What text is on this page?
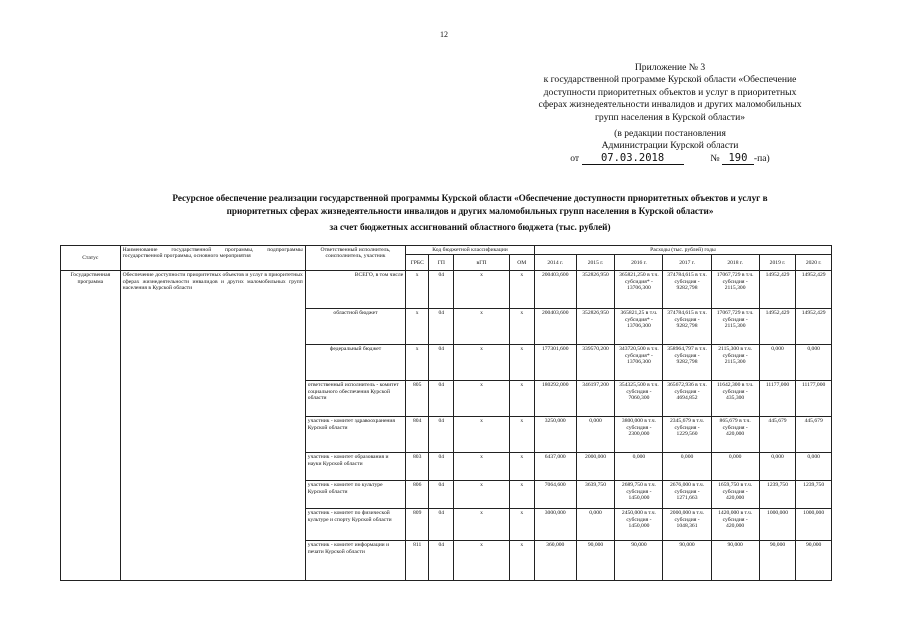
12
Приложение № 3
к государственной программе Курской области «Обеспечение
доступности приоритетных объектов и услуг в приоритетных
сферах жизнедеятельности инвалидов и других маломобильных
групп населения в Курской области»
(в редакции постановления
Администрации Курской области
от 07.03.2018	№ 190 -па)
Ресурсное обеспечение реализации государственной программы Курской области «Обеспечение доступности приоритетных объектов и услуг в
приоритетных сферах жизнедеятельности инвалидов и других маломобильных групп населения в Курской области»
за счет бюджетных ассигнований областного бюджета (тыс. рублей)
Статус	Наименование государственной программы, подпрограммы государственной программы, основного мероприятия	Ответственный исполнитель, соисполнитель, участник	Код бюджетной классификации				Расходы (тыс. рублей) годы						
			ГРБС	ГП	вГП	ОМ	2014 г.	2015 г.	2016 г.	2017 г.	2018 г.	2019 г.	2020 г.
Государственная программа	Обеспечение доступности приоритетных объектов и услуг в приоритетных сферах жизнедеятельности инвалидов и других маломобильных групп населения в Курской области	ВСЕГО, в том числе	х	04	х	х	200403,600	352826,950	365821,250 в т.ч. субсидия* - 13706,300	374784,615 в т.ч. субсидия - 9282,798	17067,729 в т.ч. субсидия - 2115,300	14952,429	14952,429
		областной бюджет	х	04	х	х	200403,600	352826,950	365821,25 в т.ч. субсидия* - 13706,300	374784,615 в т.ч. субсидия - 9282,798	17067,729 в т.ч. субсидия - 2115,300	14952,429	14952,429
		федеральный бюджет	х	04	х	х	177301,600	339570,200	343720,500 в т.ч. субсидия* - 13706,300	358964,797 в т.ч. субсидия - 9282,798	2115,300 в т.ч. субсидия - 2115,300	0,000	0,000
		ответственный исполнитель - комитет социального обеспечения Курской области	805	04	х	х	180292,000	346197,200	354325,500 в т.ч. субсидия - 7060,300	365672,936 в т.ч. субсидия - 4694,852	11642,300 в т.ч. субсидия - 435,300	11177,000	11177,000
		участник - комитет здравоохранения Курской области	804	04	х	х	3250,000	0,000	3800,000 в т.ч. субсидия - 2300,000	2345,679 в т.ч. субсидия - 1229,560	865,679 в т.ч. субсидия - 420,000	445,679	445,679
		участник - комитет образования и науки Курской области	803	04	х	х	6437,000	2000,000	0,000	0,000	0,000	0,000	0,000
		участник - комитет по культуре Курской области	806	04	х	х	7064,600	3639,750	2689,750 в т.ч. субсидия - 1450,000	2676,000 в т.ч. субсидия - 1271,663	1659,750 в т.ч. субсидия - 420,000	1239,750	1239,750
		участник - комитет по физической культуре и спорту Курской области	809	04	х	х	3000,000	0,000	2450,000 в т.ч. субсидия - 1450,000	2000,000 в т.ч. субсидия - 1048,361	1420,000 в т.ч. субсидия - 420,000	1000,000	1000,000
		участник - комитет информации и печати Курской области	811	04	х	х	360,000	90,000	90,000	90,000	90,000	90,000	90,000
